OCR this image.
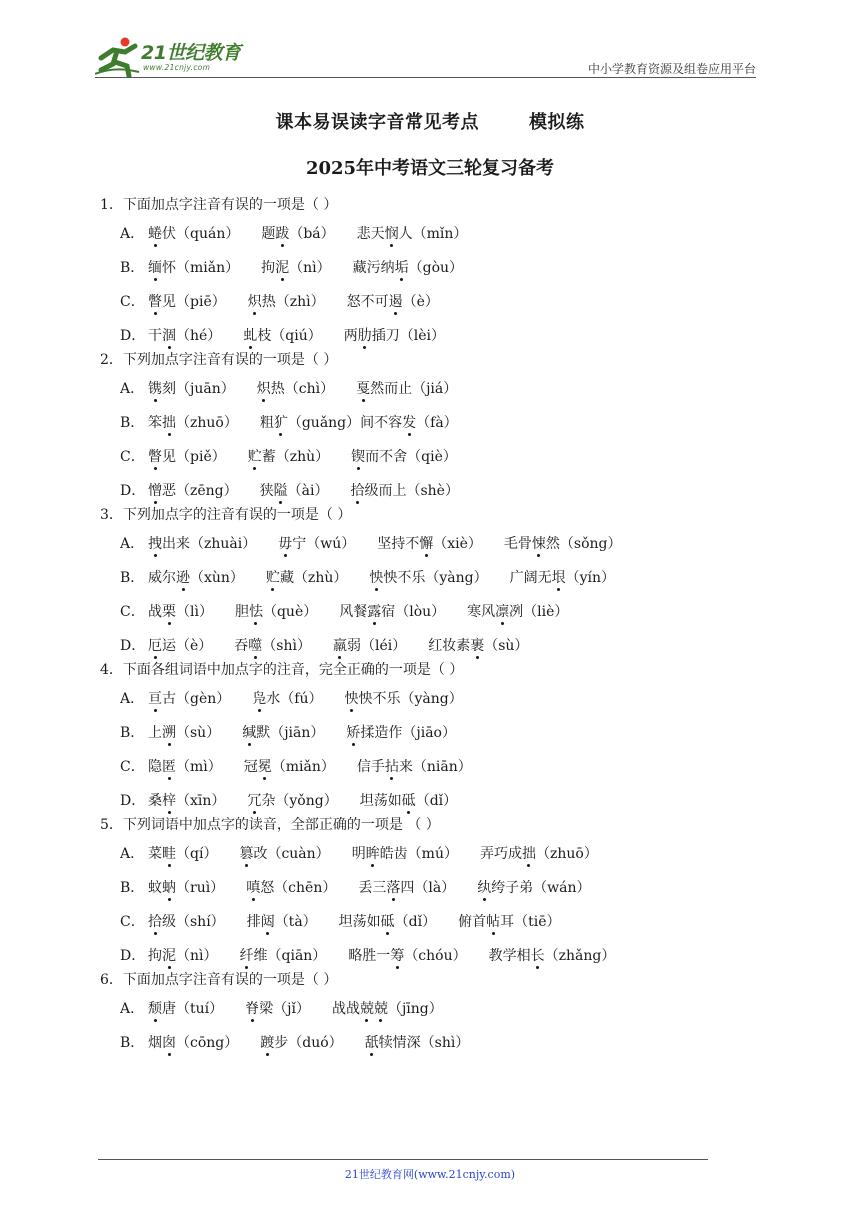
21世纪教育
www.21cnjy.com	中小学教育资源及组卷应用平台
课本易误读字音常见考点	模拟练
2025年中考语文三轮复习备考
1．下面加点字注音有误的一项是（ ）
A． 蜷伏（quán） 题跋（bá） 悲天悯人（mǐn）
B． 缅怀（miǎn） 拘泥（nì） 藏污纳垢（gòu）
C． 瞥见（piē） 炽热（zhì） 怒不可遏（è）
D． 干涸（hé） 虬枝（qiú） 两肋插刀（lèi）
2．下列加点字注音有误的一项是（ ）
A． 镌刻（juān） 炽热（chì） 戛然而止（jiá）
B． 笨拙（zhuō） 粗犷（guǎng）间不容发（fà）
C． 瞥见（piě） 贮蓄（zhù） 锲而不舍（qiè）
D． 憎恶（zēng） 狭隘（ài） 拾级而上（shè）
3．下列加点字的注音有误的一项是（ ）
A． 拽出来（zhuài） 毋宁（wú） 坚持不懈（xiè） 毛骨悚然（sǒng）
B． 威尔逊（xùn） 贮藏（zhù） 怏怏不乐（yàng） 广阔无垠（yín）
C． 战栗（lì） 胆怯（què） 风餐露宿（lòu） 寒风凛冽（liè）
D． 厄运（è） 吞噬（shì） 羸弱（léi） 红妆素裹（sù）
4．下面各组词语中加点字的注音，完全正确的一项是（ ）
A． 亘古（gèn） 凫水（fú） 怏怏不乐（yàng）
B． 上溯（sù） 缄默（jiān） 矫揉造作（jiāo）
C． 隐匿（mì） 冠冕（miǎn） 信手拈来（niān）
D． 桑梓（xīn） 冗杂（yǒng） 坦荡如砥（dǐ）
5．下列词语中加点字的读音，全部正确的一项是 （ ）
A． 菜畦（qí） 篡改（cuàn） 明眸皓齿（mú） 弄巧成拙（zhuō）
B． 蚊蚋（ruì） 嗔怒（chēn） 丢三落四（là） 纨绔子弟（wán）
C． 拾级（shí） 排闼（tà） 坦荡如砥（dǐ） 俯首帖耳（tiē）
D． 拘泥（nì） 纤维（qiān） 略胜一筹（chóu） 教学相长（zhǎng）
6．下面加点字注音有误的一项是（ ）
A． 颓唐（tuí） 脊梁（jǐ） 战战兢兢（jīng）
B． 烟囱（cōng） 踱步（duó） 舐犊情深（shì）
21世纪教育网(www.21cnjy.com)
